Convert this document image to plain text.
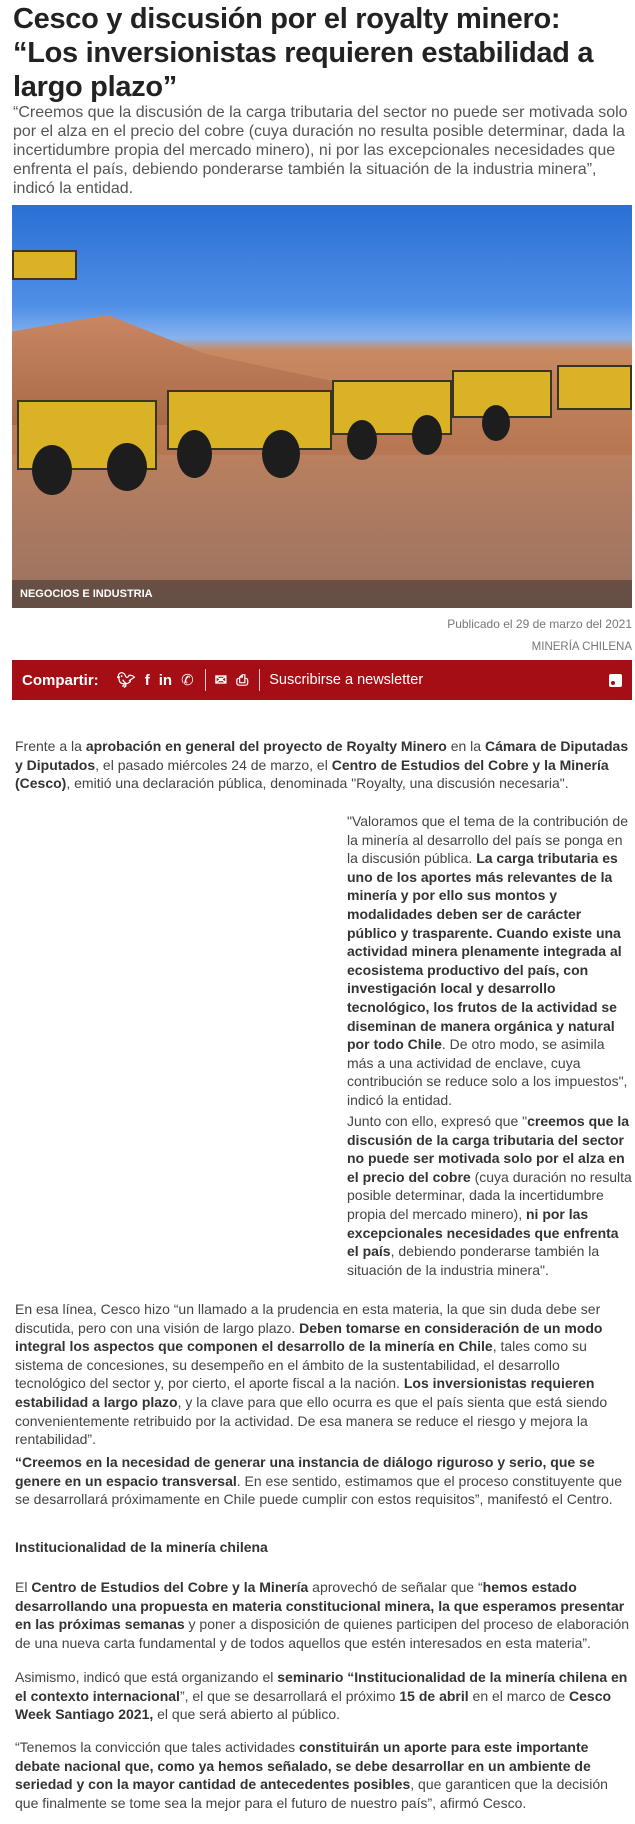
Cesco y discusión por el royalty minero: “Los inversionistas requieren estabilidad a largo plazo”

“Creemos que la discusión de la carga tributaria del sector no puede ser motivada solo por el alza en el precio del cobre (cuya duración no resulta posible determinar, dada la incertidumbre propia del mercado minero), ni por las excepcionales necesidades que enfrenta el país, debiendo ponderarse también la situación de la industria minera”, indicó la entidad.

NEGOCIOS E INDUSTRIA
Publicado el 29 de marzo del 2021
MINERÍA CHILENA
Compartir: 🐦︎ f in ✆ ✉ ⎙ Suscribirse a newsletter

Frente a la aprobación en general del proyecto de Royalty Minero en la Cámara de Diputadas y Diputados, el pasado miércoles 24 de marzo, el Centro de Estudios del Cobre y la Minería (Cesco), emitió una declaración pública, denominada "Royalty, una discusión necesaria".

"Valoramos que el tema de la contribución de la minería al desarrollo del país se ponga en la discusión pública. La carga tributaria es uno de los aportes más relevantes de la minería y por ello sus montos y modalidades deben ser de carácter público y trasparente. Cuando existe una actividad minera plenamente integrada al ecosistema productivo del país, con investigación local y desarrollo tecnológico, los frutos de la actividad se diseminan de manera orgánica y natural por todo Chile. De otro modo, se asimila más a una actividad de enclave, cuya contribución se reduce solo a los impuestos", indicó la entidad.

Junto con ello, expresó que "creemos que la discusión de la carga tributaria del sector no puede ser motivada solo por el alza en el precio del cobre (cuya duración no resulta posible determinar, dada la incertidumbre propia del mercado minero), ni por las excepcionales necesidades que enfrenta el país, debiendo ponderarse también la situación de la industria minera".

En esa línea, Cesco hizo “un llamado a la prudencia en esta materia, la que sin duda debe ser discutida, pero con una visión de largo plazo. Deben tomarse en consideración de un modo integral los aspectos que componen el desarrollo de la minería en Chile, tales como su sistema de concesiones, su desempeño en el ámbito de la sustentabilidad, el desarrollo tecnológico del sector y, por cierto, el aporte fiscal a la nación. Los inversionistas requieren estabilidad a largo plazo, y la clave para que ello ocurra es que el país sienta que está siendo convenientemente retribuido por la actividad. De esa manera se reduce el riesgo y mejora la rentabilidad”.

“Creemos en la necesidad de generar una instancia de diálogo riguroso y serio, que se genere en un espacio transversal. En ese sentido, estimamos que el proceso constituyente que se desarrollará próximamente en Chile puede cumplir con estos requisitos”, manifestó el Centro.

Institucionalidad de la minería chilena

El Centro de Estudios del Cobre y la Minería aprovechó de señalar que “hemos estado desarrollando una propuesta en materia constitucional minera, la que esperamos presentar en las próximas semanas y poner a disposición de quienes participen del proceso de elaboración de una nueva carta fundamental y de todos aquellos que estén interesados en esta materia”.

Asimismo, indicó que está organizando el seminario “Institucionalidad de la minería chilena en el contexto internacional”, el que se desarrollará el próximo 15 de abril en el marco de Cesco Week Santiago 2021, el que será abierto al público.

“Tenemos la convicción que tales actividades constituirán un aporte para este importante debate nacional que, como ya hemos señalado, se debe desarrollar en un ambiente de seriedad y con la mayor cantidad de antecedentes posibles, que garanticen que la decisión que finalmente se tome sea la mejor para el futuro de nuestro país”, afirmó Cesco.
